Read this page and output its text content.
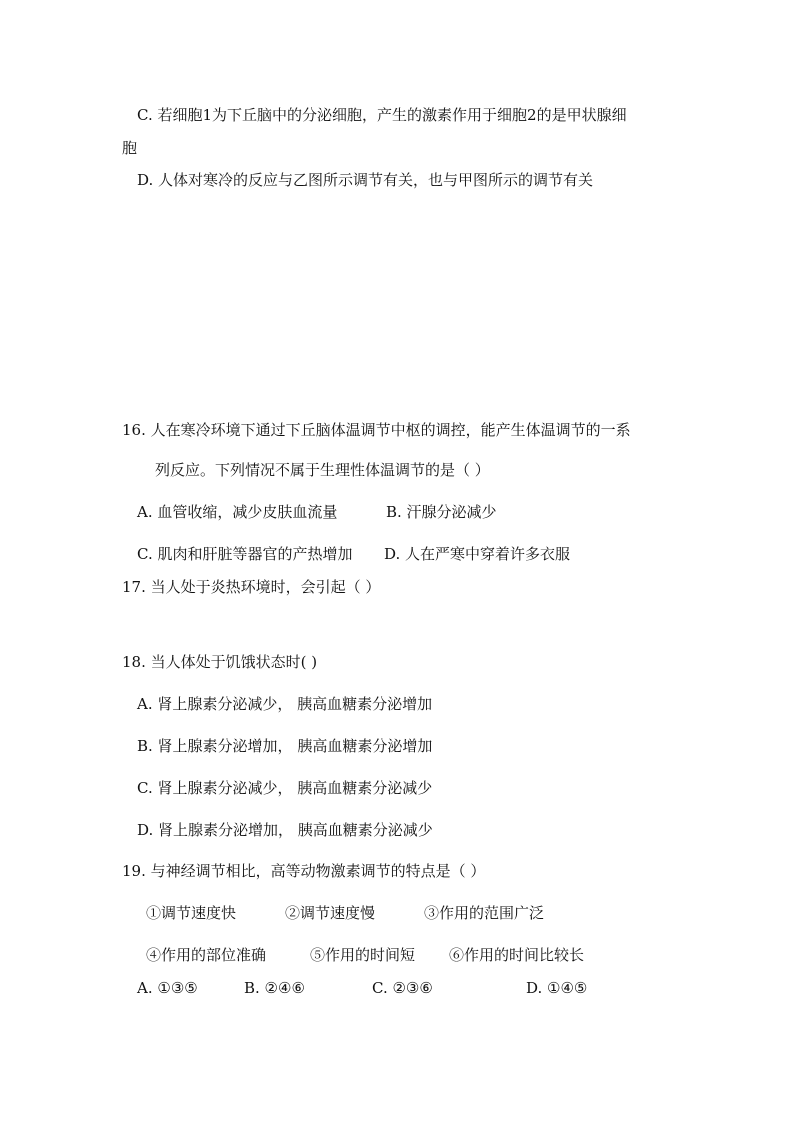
C. 若细胞1为下丘脑中的分泌细胞，产生的激素作用于细胞2的是甲状腺细
胞
D. 人体对寒冷的反应与乙图所示调节有关，也与甲图所示的调节有关
16. 人在寒冷环境下通过下丘脑体温调节中枢的调控，能产生体温调节的一系
列反应。下列情况不属于生理性体温调节的是（ ）
A. 血管收缩，减少皮肤血流量	B. 汗腺分泌减少
C. 肌肉和肝脏等器官的产热增加 D. 人在严寒中穿着许多衣服
17. 当人处于炎热环境时，会引起（ ）
18. 当人体处于饥饿状态时( )
A. 肾上腺素分泌减少， 胰高血糖素分泌增加
B. 肾上腺素分泌增加， 胰高血糖素分泌增加
C. 肾上腺素分泌减少， 胰高血糖素分泌减少
D. 肾上腺素分泌增加， 胰高血糖素分泌减少
19. 与神经调节相比，高等动物激素调节的特点是（ ）
①调节速度快	②调节速度慢	③作用的范围广泛
④作用的部位准确	⑤作用的时间短 ⑥作用的时间比较长
A. ①③⑤	B. ②④⑥	C. ②③⑥	D. ①④⑤
